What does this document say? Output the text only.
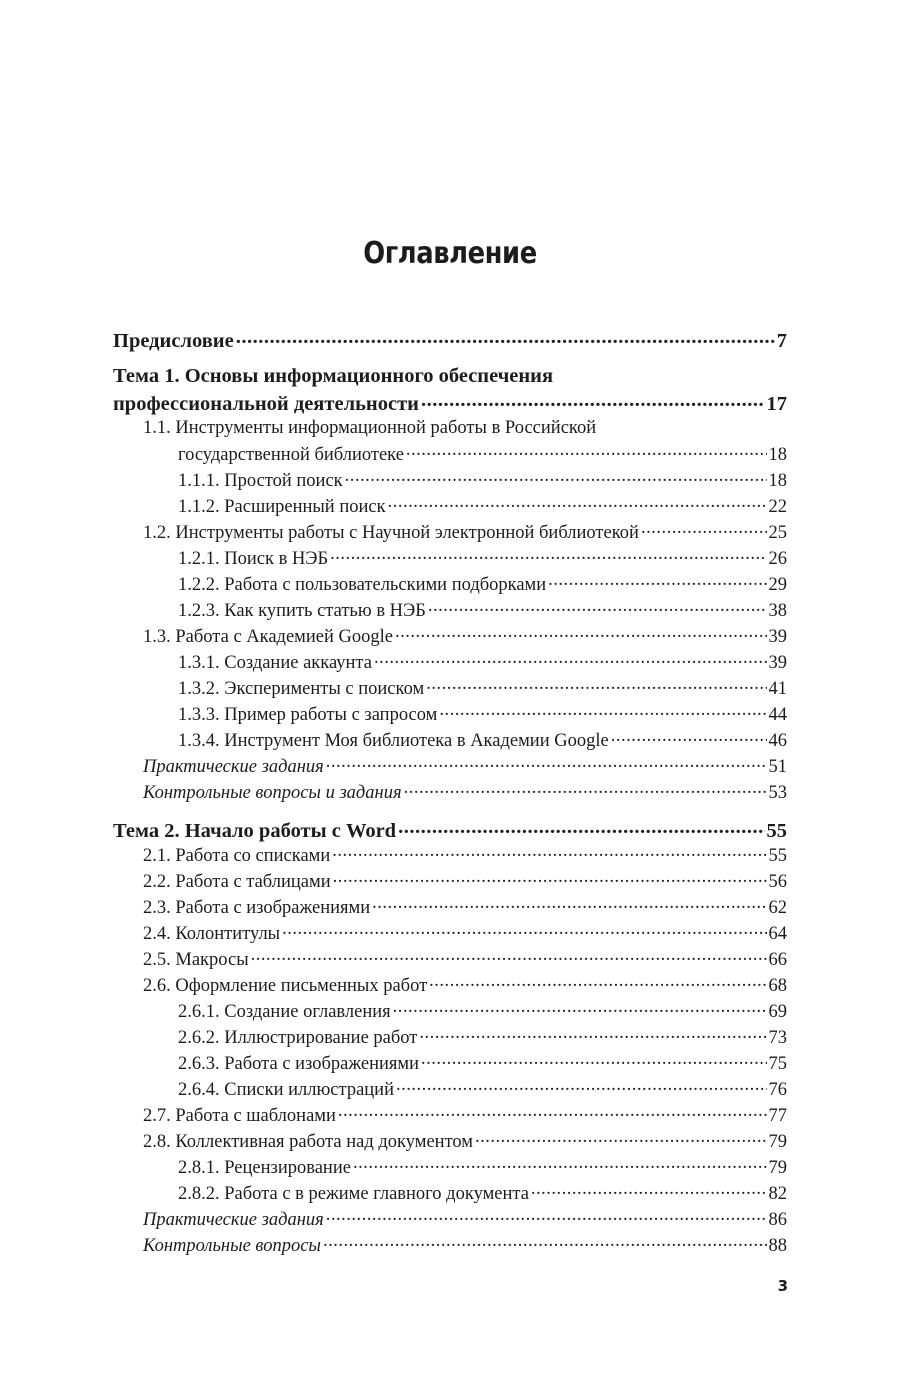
Оглавление
Предисловие .....	7
Тема 1. Основы информационного обеспечения
профессиональной деятельности .....	17
1.1. Инструменты информационной работы в Российской
государственной библиотеке .....	18
1.1.1. Простой поиск .....	18
1.1.2. Расширенный поиск .....	22
1.2. Инструменты работы с Научной электронной библиотекой .....	25
1.2.1. Поиск в НЭБ .....	26
1.2.2. Работа с пользовательскими подборками .....	29
1.2.3. Как купить статью в НЭБ .....	38
1.3. Работа с Академией Google .....	39
1.3.1. Создание аккаунта .....	39
1.3.2. Эксперименты с поиском .....	41
1.3.3. Пример работы с запросом .....	44
1.3.4. Инструмент Моя библиотека в Академии Google .....	46
Практические задания .....	51
Контрольные вопросы и задания .....	53
Тема 2. Начало работы с Word .....	55
2.1. Работа со списками .....	55
2.2. Работа с таблицами .....	56
2.3. Работа с изображениями .....	62
2.4. Колонтитулы .....	64
2.5. Макросы .....	66
2.6. Оформление письменных работ .....	68
2.6.1. Создание оглавления .....	69
2.6.2. Иллюстрирование работ .....	73
2.6.3. Работа с изображениями .....	75
2.6.4. Списки иллюстраций .....	76
2.7. Работа с шаблонами .....	77
2.8. Коллективная работа над документом .....	79
2.8.1. Рецензирование .....	79
2.8.2. Работа с в режиме главного документа .....	82
Практические задания .....	86
Контрольные вопросы .....	88
3
